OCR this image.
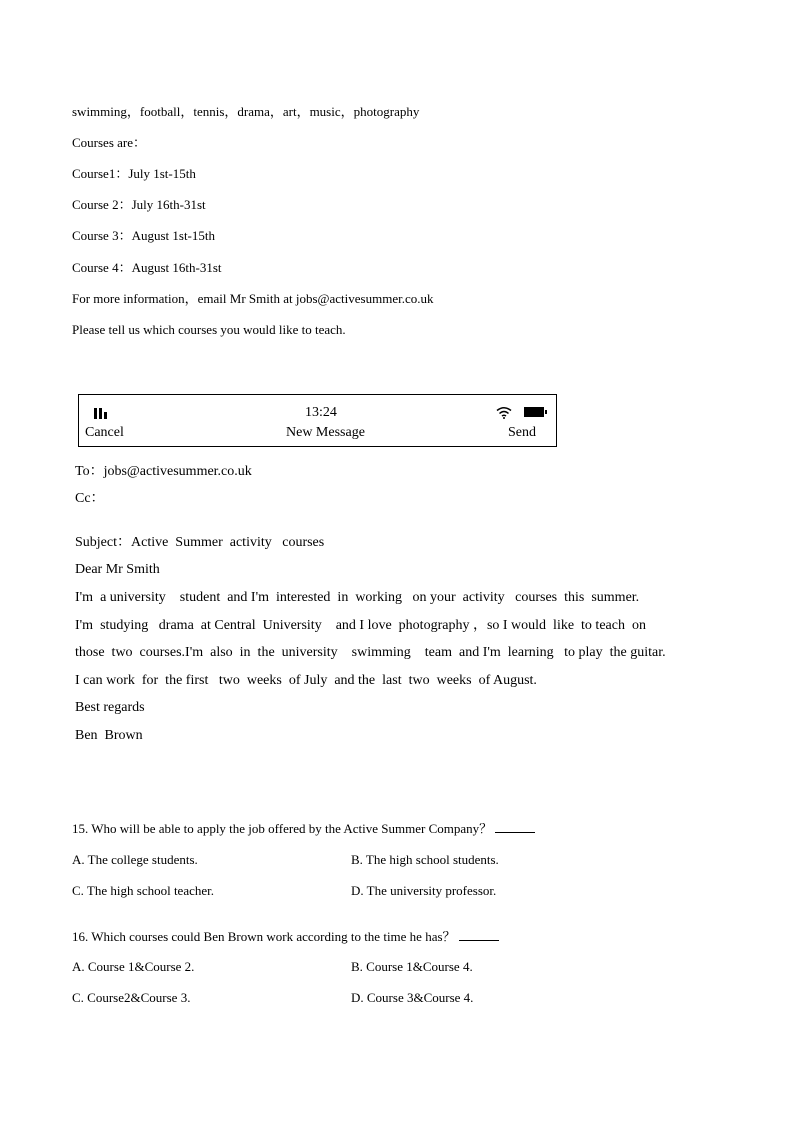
swimming，football，tennis，drama，art，music，photography
Courses are：
Course1：July 1st-15th
Course 2：July 16th-31st
Course 3：August 1st-15th
Course 4：August 16th-31st
For more information，email Mr Smith at jobs@activesummer.co.uk
Please tell us which courses you would like to teach.
13:24
Cancel	New Message	Send
To：jobs@activesummer.co.uk
Cc：
Subject：Active  Summer  activity   courses
Dear Mr Smith
I'm  a university    student  and I'm  interested  in  working   on your  activity   courses  this  summer.
I'm  studying   drama  at Central  University    and I love  photography ，so I would  like  to teach  on
those  two  courses.I'm  also  in  the  university    swimming    team  and I'm  learning   to play  the guitar.
I can work  for  the first   two  weeks  of July  and the  last  two  weeks  of August.
Best regards
Ben  Brown
15. Who will be able to apply the job offered by the Active Summer Company？
A. The college students.	B. The high school students.
C. The high school teacher.	D. The university professor.
16. Which courses could Ben Brown work according to the time he has？
A. Course 1&Course 2.	B. Course 1&Course 4.
C. Course2&Course 3.	D. Course 3&Course 4.
